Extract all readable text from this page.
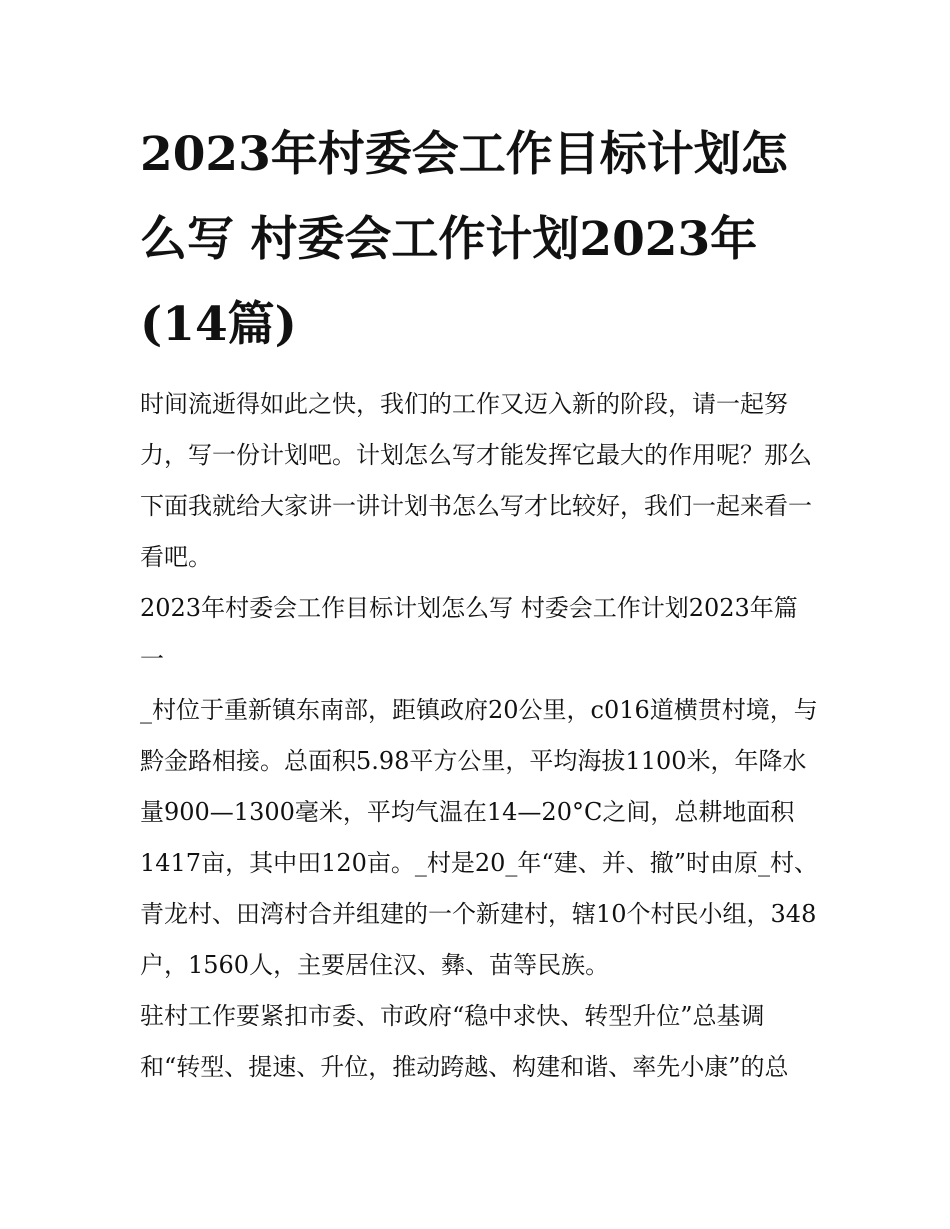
2023年村委会工作目标计划怎么写 村委会工作计划2023年(14篇)

时间流逝得如此之快，我们的工作又迈入新的阶段，请一起努力，写一份计划吧。计划怎么写才能发挥它最大的作用呢？那么下面我就给大家讲一讲计划书怎么写才比较好，我们一起来看一看吧。

2023年村委会工作目标计划怎么写 村委会工作计划2023年篇一

_村位于重新镇东南部，距镇政府20公里，c016道横贯村境，与黔金路相接。总面积5.98平方公里，平均海拔1100米，年降水量900—1300毫米，平均气温在14—20°C之间，总耕地面积1417亩，其中田120亩。_村是20_年“建、并、撤”时由原_村、青龙村、田湾村合并组建的一个新建村，辖10个村民小组，348户，1560人，主要居住汉、彝、苗等民族。

驻村工作要紧扣市委、市政府“稳中求快、转型升位”总基调和“转型、提速、升位，推动跨越、构建和谐、率先小康”的总
